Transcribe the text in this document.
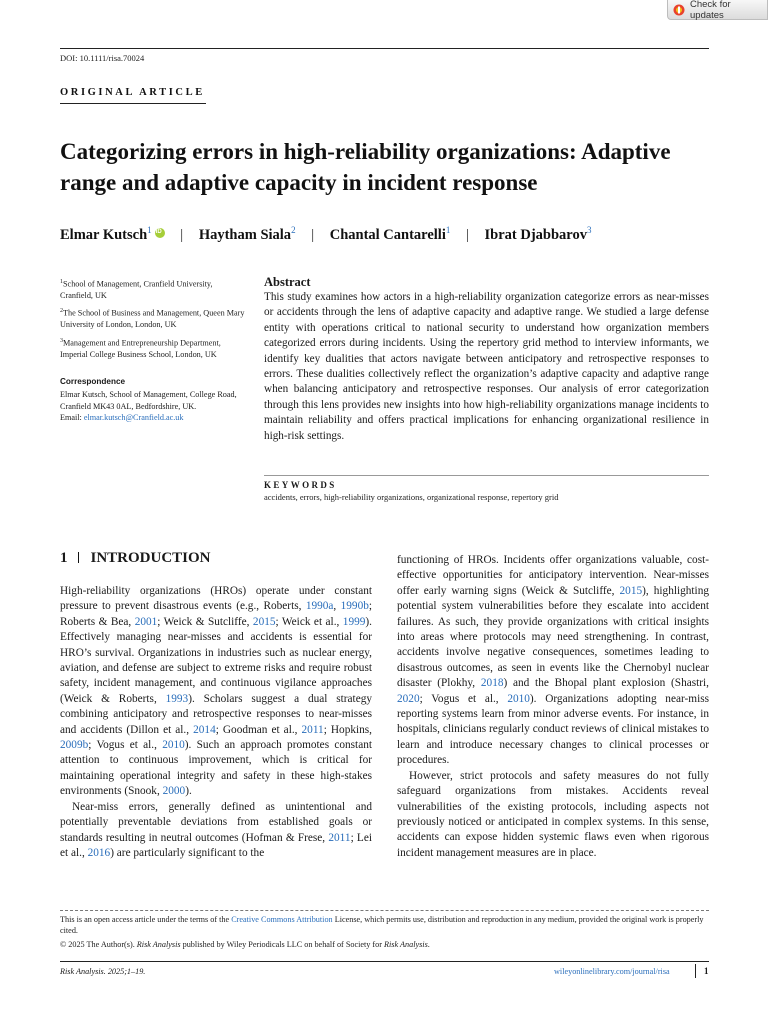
Check for updates
DOI: 10.1111/risa.70024
ORIGINAL ARTICLE
Categorizing errors in high-reliability organizations: Adaptive range and adaptive capacity in incident response
Elmar Kutsch$^1$iD | Haytham Siala$^2$ | Chantal Cantarelli$^1$ | Ibrat Djabbarov$^3$
$^1$School of Management, Cranfield University, Cranfield, UK
$^2$The School of Business and Management, Queen Mary University of London, London, UK
$^3$Management and Entrepreneurship Department, Imperial College Business School, London, UK
Correspondence
Elmar Kutsch, School of Management, College Road, Cranfield MK43 0AL, Bedfordshire, UK.
Email: elmar.kutsch@Cranfield.ac.uk
Abstract
This study examines how actors in a high-reliability organization categorize errors as near-misses or accidents through the lens of adaptive capacity and adaptive range. We studied a large defense entity with operations critical to national security to understand how organization members categorized errors during incidents. Using the repertory grid method to interview informants, we identify key dualities that actors navigate between anticipatory and retrospective responses to errors. These dualities collectively reflect the organization’s adaptive capacity and adaptive range when balancing anticipatory and retrospective responses. Our analysis of error categorization through this lens provides new insights into how high-reliability organizations manage incidents to maintain reliability and offers practical implications for enhancing organizational resilience in high-risk settings.
KEYWORDS
accidents, errors, high-reliability organizations, organizational response, repertory grid
1 INTRODUCTION

High-reliability organizations (HROs) operate under constant pressure to prevent disastrous events (e.g., Roberts, 1990a, 1990b; Roberts & Bea, 2001; Weick & Sutcliffe, 2015; Weick et al., 1999). Effectively managing near-misses and accidents is essential for HRO’s survival. Organizations in industries such as nuclear energy, aviation, and defense are subject to extreme risks and require robust safety, incident management, and continuous vigilance approaches (Weick & Roberts, 1993). Scholars suggest a dual strategy combining anticipatory and retrospective responses to near-misses and accidents (Dillon et al., 2014; Goodman et al., 2011; Hopkins, 2009b; Vogus et al., 2010). Such an approach promotes constant attention to continuous improvement, which is critical for maintaining operational integrity and safety in these high-stakes environments (Snook, 2000).

Near-miss errors, generally defined as unintentional and potentially preventable deviations from established goals or standards resulting in neutral outcomes (Hofman & Frese, 2011; Lei et al., 2016) are particularly significant to the

functioning of HROs. Incidents offer organizations valuable, cost-effective opportunities for anticipatory intervention. Near-misses offer early warning signs (Weick & Sutcliffe, 2015), highlighting potential system vulnerabilities before they escalate into accident failures. As such, they provide organizations with critical insights into areas where protocols may need strengthening. In contrast, accidents involve negative consequences, sometimes leading to disastrous outcomes, as seen in events like the Chernobyl nuclear disaster (Plokhy, 2018) and the Bhopal plant explosion (Shastri, 2020; Vogus et al., 2010). Organizations adopting near-miss reporting systems learn from minor adverse events. For instance, in hospitals, clinicians regularly conduct reviews of clinical mistakes to learn and introduce necessary changes to clinical processes or procedures.

However, strict protocols and safety measures do not fully safeguard organizations from mistakes. Accidents reveal vulnerabilities of the existing protocols, including aspects not previously noticed or anticipated in complex systems. In this sense, accidents can expose hidden systemic flaws even when rigorous incident management measures are in place.

This is an open access article under the terms of the Creative Commons Attribution License, which permits use, distribution and reproduction in any medium, provided the original work is properly cited.
© 2025 The Author(s). Risk Analysis published by Wiley Periodicals LLC on behalf of Society for Risk Analysis.
Risk Analysis. 2025;1–19.	wileyonlinelibrary.com/journal/risa	1
